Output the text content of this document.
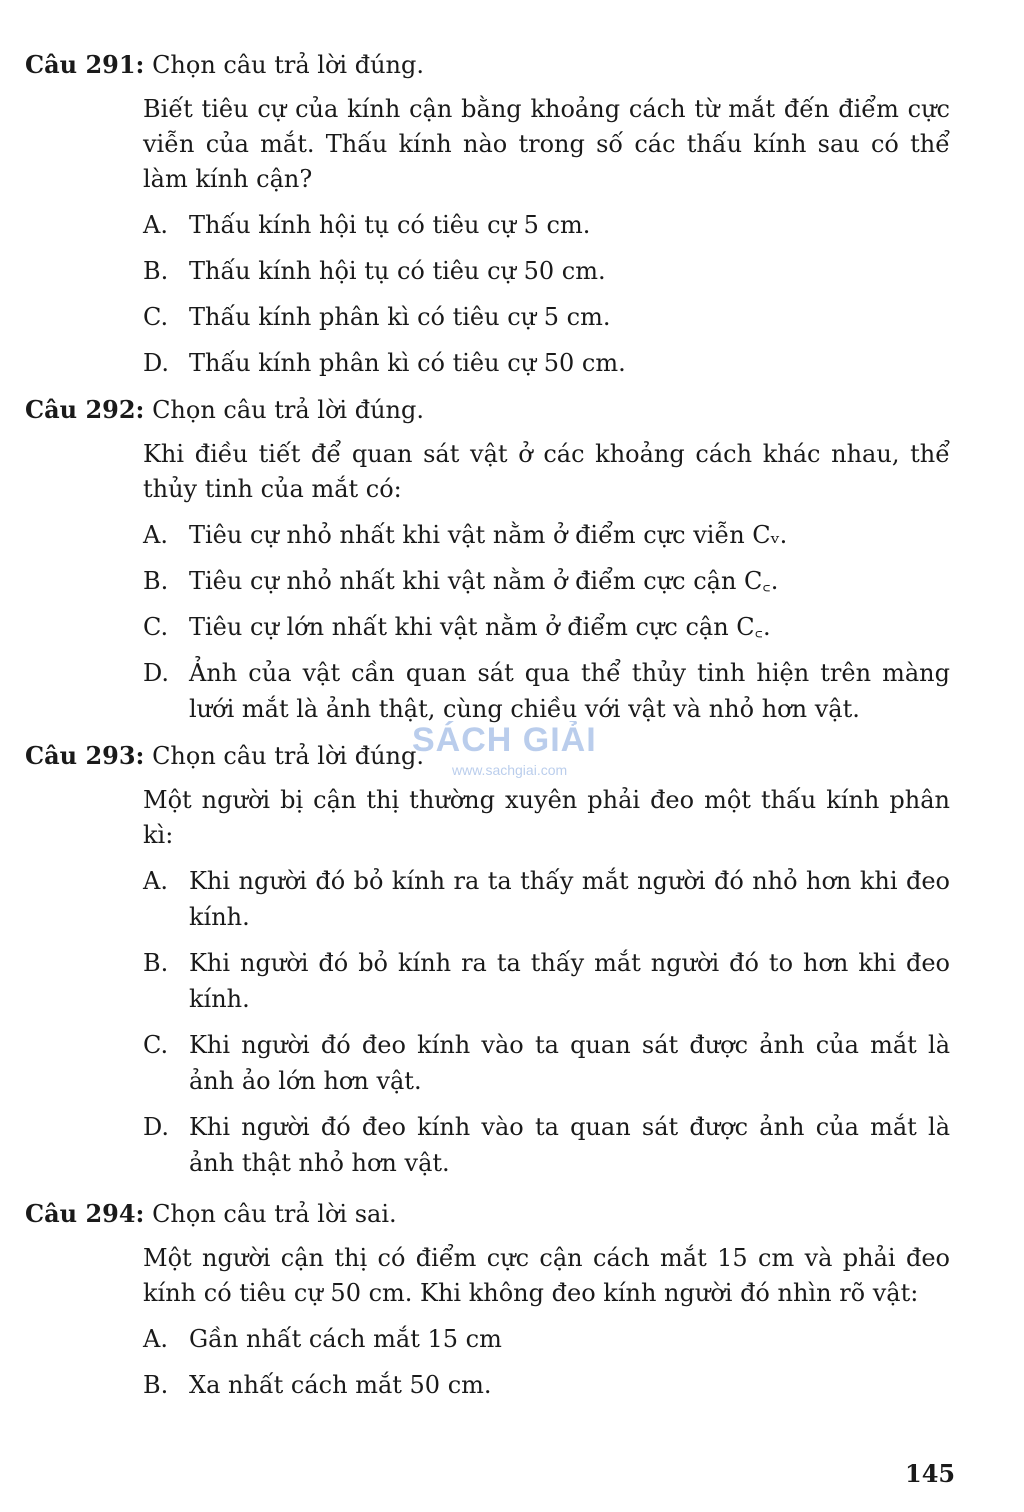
Câu 291: Chọn câu trả lời đúng.
Biết tiêu cự của kính cận bằng khoảng cách từ mắt đến điểm cực viễn của mắt. Thấu kính nào trong số các thấu kính sau có thể làm kính cận?
A. Thấu kính hội tụ có tiêu cự 5 cm.
B. Thấu kính hội tụ có tiêu cự 50 cm.
C. Thấu kính phân kì có tiêu cự 5 cm.
D. Thấu kính phân kì có tiêu cự 50 cm.
Câu 292: Chọn câu trả lời đúng.
Khi điều tiết để quan sát vật ở các khoảng cách khác nhau, thể thủy tinh của mắt có:
A. Tiêu cự nhỏ nhất khi vật nằm ở điểm cực viễn Cᵥ.
B. Tiêu cự nhỏ nhất khi vật nằm ở điểm cực cận C꜀.
C. Tiêu cự lớn nhất khi vật nằm ở điểm cực cận C꜀.
D. Ảnh của vật cần quan sát qua thể thủy tinh hiện trên màng lưới mắt là ảnh thật, cùng chiều với vật và nhỏ hơn vật.
Câu 293: Chọn câu trả lời đúng.
Một người bị cận thị thường xuyên phải đeo một thấu kính phân kì:
A. Khi người đó bỏ kính ra ta thấy mắt người đó nhỏ hơn khi đeo kính.
B. Khi người đó bỏ kính ra ta thấy mắt người đó to hơn khi đeo kính.
C. Khi người đó đeo kính vào ta quan sát được ảnh của mắt là ảnh ảo lớn hơn vật.
D. Khi người đó đeo kính vào ta quan sát được ảnh của mắt là ảnh thật nhỏ hơn vật.
Câu 294: Chọn câu trả lời sai.
Một người cận thị có điểm cực cận cách mắt 15 cm và phải đeo kính có tiêu cự 50 cm. Khi không đeo kính người đó nhìn rõ vật:
A. Gần nhất cách mắt 15 cm
B. Xa nhất cách mắt 50 cm.
SÁCH GIẢI
www.sachgiai.com
145
